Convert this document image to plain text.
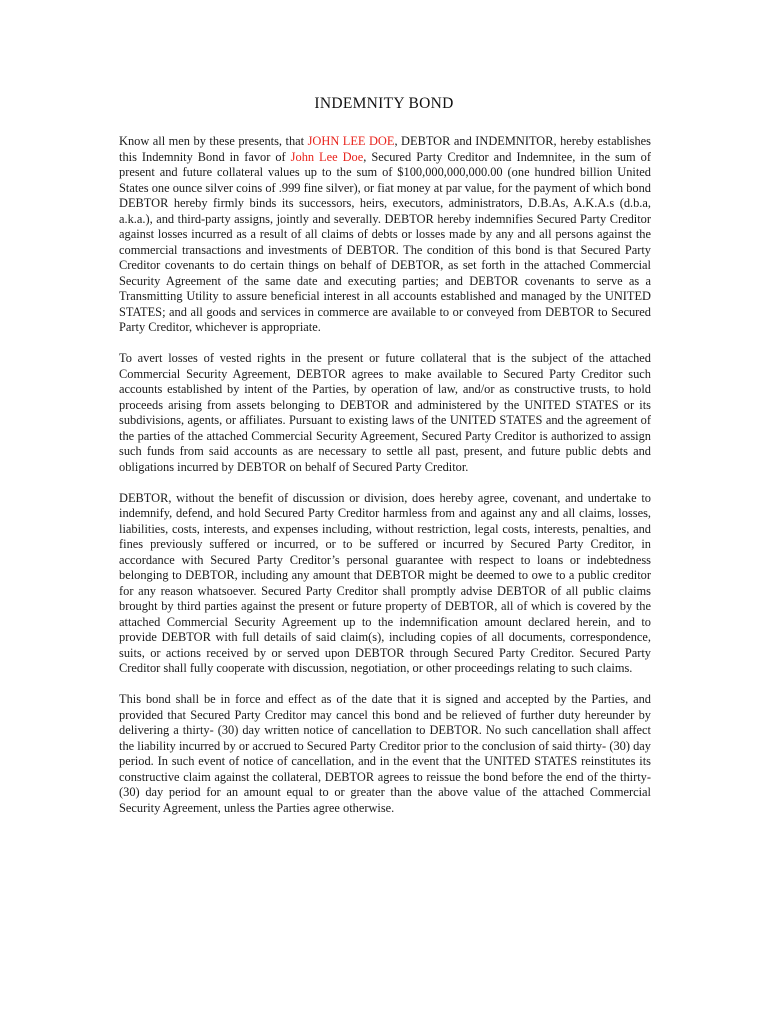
INDEMNITY BOND

Know all men by these presents, that JOHN LEE DOE, DEBTOR and INDEMNITOR, hereby establishes this Indemnity Bond in favor of John Lee Doe, Secured Party Creditor and Indemnitee, in the sum of present and future collateral values up to the sum of $100,000,000,000.00 (one hundred billion United States one ounce silver coins of .999 fine silver), or fiat money at par value, for the payment of which bond DEBTOR hereby firmly binds its successors, heirs, executors, administrators, D.B.As, A.K.A.s (d.b.a, a.k.a.), and third-party assigns, jointly and severally. DEBTOR hereby indemnifies Secured Party Creditor against losses incurred as a result of all claims of debts or losses made by any and all persons against the commercial transactions and investments of DEBTOR. The condition of this bond is that Secured Party Creditor covenants to do certain things on behalf of DEBTOR, as set forth in the attached Commercial Security Agreement of the same date and executing parties; and DEBTOR covenants to serve as a Transmitting Utility to assure beneficial interest in all accounts established and managed by the UNITED STATES; and all goods and services in commerce are available to or conveyed from DEBTOR to Secured Party Creditor, whichever is appropriate.

To avert losses of vested rights in the present or future collateral that is the subject of the attached Commercial Security Agreement, DEBTOR agrees to make available to Secured Party Creditor such accounts established by intent of the Parties, by operation of law, and/or as constructive trusts, to hold proceeds arising from assets belonging to DEBTOR and administered by the UNITED STATES or its subdivisions, agents, or affiliates. Pursuant to existing laws of the UNITED STATES and the agreement of the parties of the attached Commercial Security Agreement, Secured Party Creditor is authorized to assign such funds from said accounts as are necessary to settle all past, present, and future public debts and obligations incurred by DEBTOR on behalf of Secured Party Creditor.

DEBTOR, without the benefit of discussion or division, does hereby agree, covenant, and undertake to indemnify, defend, and hold Secured Party Creditor harmless from and against any and all claims, losses, liabilities, costs, interests, and expenses including, without restriction, legal costs, interests, penalties, and fines previously suffered or incurred, or to be suffered or incurred by Secured Party Creditor, in accordance with Secured Party Creditor’s personal guarantee with respect to loans or indebtedness belonging to DEBTOR, including any amount that DEBTOR might be deemed to owe to a public creditor for any reason whatsoever. Secured Party Creditor shall promptly advise DEBTOR of all public claims brought by third parties against the present or future property of DEBTOR, all of which is covered by the attached Commercial Security Agreement up to the indemnification amount declared herein, and to provide DEBTOR with full details of said claim(s), including copies of all documents, correspondence, suits, or actions received by or served upon DEBTOR through Secured Party Creditor. Secured Party Creditor shall fully cooperate with discussion, negotiation, or other proceedings relating to such claims.

This bond shall be in force and effect as of the date that it is signed and accepted by the Parties, and provided that Secured Party Creditor may cancel this bond and be relieved of further duty hereunder by delivering a thirty- (30) day written notice of cancellation to DEBTOR. No such cancellation shall affect the liability incurred by or accrued to Secured Party Creditor prior to the conclusion of said thirty- (30) day period. In such event of notice of cancellation, and in the event that the UNITED STATES reinstitutes its constructive claim against the collateral, DEBTOR agrees to reissue the bond before the end of the thirty- (30) day period for an amount equal to or greater than the above value of the attached Commercial Security Agreement, unless the Parties agree otherwise.
